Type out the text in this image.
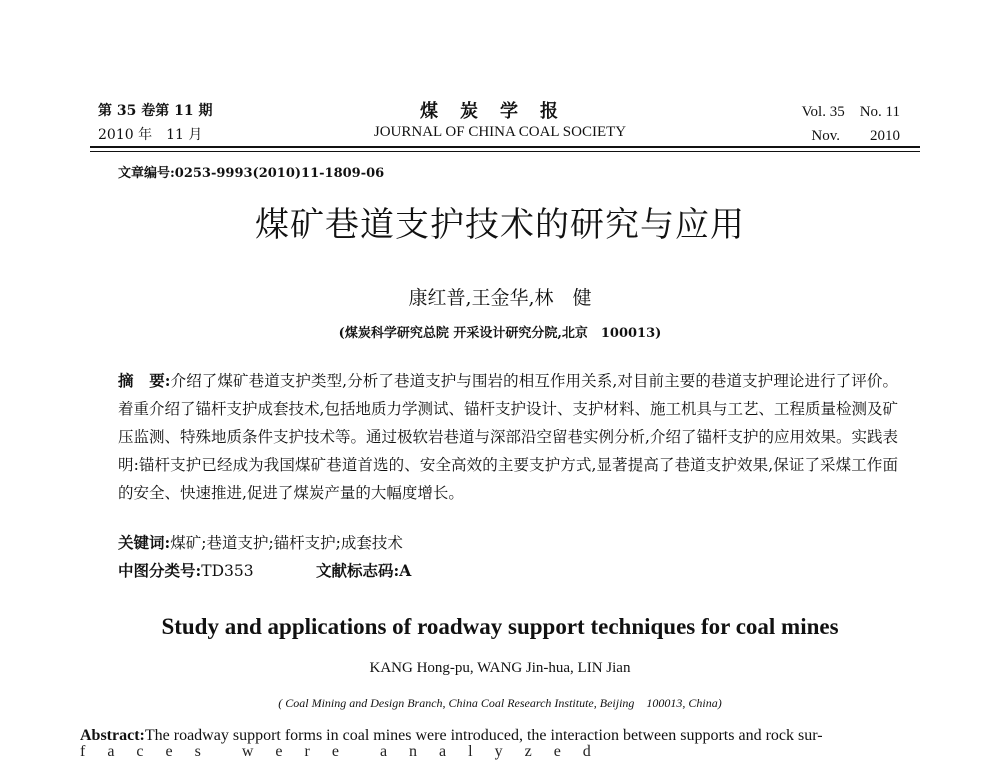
第 35 卷第 11 期
2010 年　11 月
煤炭学报
JOURNAL OF CHINA COAL SOCIETY
Vol. 35　No. 11
Nov.　　2010
文章编号:0253-9993(2010)11-1809-06
煤矿巷道支护技术的研究与应用
康红普,王金华,林　健
(煤炭科学研究总院 开采设计研究分院,北京　100013)
摘　要:介绍了煤矿巷道支护类型,分析了巷道支护与围岩的相互作用关系,对目前主要的巷道支护理论进行了评价。着重介绍了锚杆支护成套技术,包括地质力学测试、锚杆支护设计、支护材料、施工机具与工艺、工程质量检测及矿压监测、特殊地质条件支护技术等。通过极软岩巷道与深部沿空留巷实例分析,介绍了锚杆支护的应用效果。实践表明:锚杆支护已经成为我国煤矿巷道首选的、安全高效的主要支护方式,显著提高了巷道支护效果,保证了采煤工作面的安全、快速推进,促进了煤炭产量的大幅度增长。
关键词:煤矿;巷道支护;锚杆支护;成套技术
中图分类号:TD353	文献标志码:A
Study and applications of roadway support techniques for coal mines
KANG Hong-pu, WANG Jin-hua, LIN Jian
( Coal Mining and Design Branch, China Coal Research Institute, Beijing　100013, China)
Abstract:The roadway support forms in coal mines were introduced, the interaction between supports and rock sur-
f　a　c　e　s　　w　e　r　e　　a　n　a　l　y　z　e　d
